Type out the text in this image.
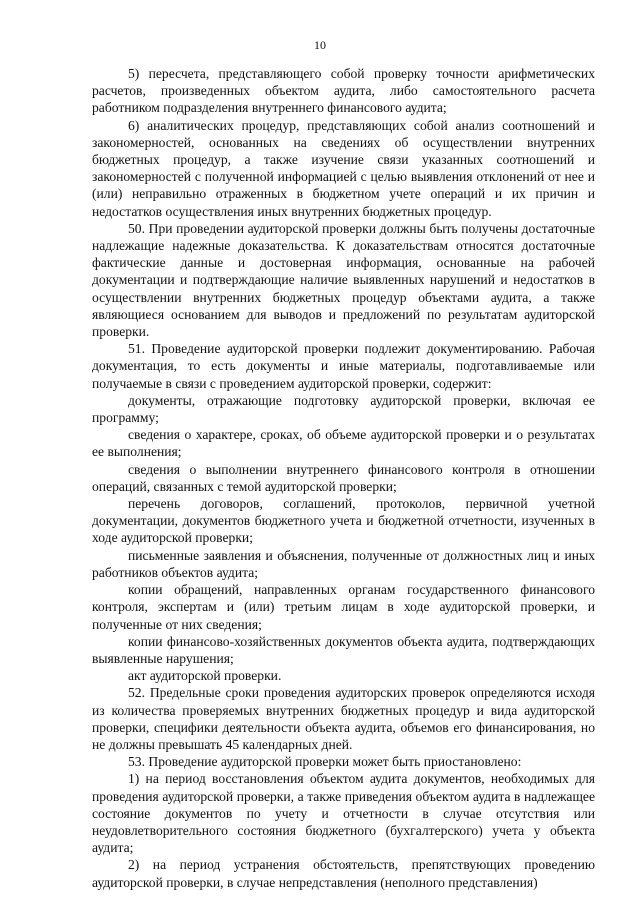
10

5) пересчета, представляющего собой проверку точности арифметических расчетов, произведенных объектом аудита, либо самостоятельного расчета работником подразделения внутреннего финансового аудита;

6) аналитических процедур, представляющих собой анализ соотношений и закономерностей, основанных на сведениях об осуществлении внутренних бюджетных процедур, а также изучение связи указанных соотношений и закономерностей с полученной информацией с целью выявления отклонений от нее и (или) неправильно отраженных в бюджетном учете операций и их причин и недостатков осуществления иных внутренних бюджетных процедур.

50. При проведении аудиторской проверки должны быть получены достаточные надлежащие надежные доказательства. К доказательствам относятся достаточные фактические данные и достоверная информация, основанные на рабочей документации и подтверждающие наличие выявленных нарушений и недостатков в осуществлении внутренних бюджетных процедур объектами аудита, а также являющиеся основанием для выводов и предложений по результатам аудиторской проверки.

51. Проведение аудиторской проверки подлежит документированию. Рабочая документация, то есть документы и иные материалы, подготавливаемые или получаемые в связи с проведением аудиторской проверки, содержит:

документы, отражающие подготовку аудиторской проверки, включая ее программу;

сведения о характере, сроках, об объеме аудиторской проверки и о результатах ее выполнения;

сведения о выполнении внутреннего финансового контроля в отношении операций, связанных с темой аудиторской проверки;

перечень договоров, соглашений, протоколов, первичной учетной документации, документов бюджетного учета и бюджетной отчетности, изученных в ходе аудиторской проверки;

письменные заявления и объяснения, полученные от должностных лиц и иных работников объектов аудита;

копии обращений, направленных органам государственного финансового контроля, экспертам и (или) третьим лицам в ходе аудиторской проверки, и полученные от них сведения;

копии финансово-хозяйственных документов объекта аудита, подтверждающих выявленные нарушения;

акт аудиторской проверки.

52. Предельные сроки проведения аудиторских проверок определяются исходя из количества проверяемых внутренних бюджетных процедур и вида аудиторской проверки, специфики деятельности объекта аудита, объемов его финансирования, но не должны превышать 45 календарных дней.

53. Проведение аудиторской проверки может быть приостановлено:

1) на период восстановления объектом аудита документов, необходимых для проведения аудиторской проверки, а также приведения объектом аудита в надлежащее состояние документов по учету и отчетности в случае отсутствия или неудовлетворительного состояния бюджетного (бухгалтерского) учета у объекта аудита;

2) на период устранения обстоятельств, препятствующих проведению аудиторской проверки, в случае непредставления (неполного представления)
